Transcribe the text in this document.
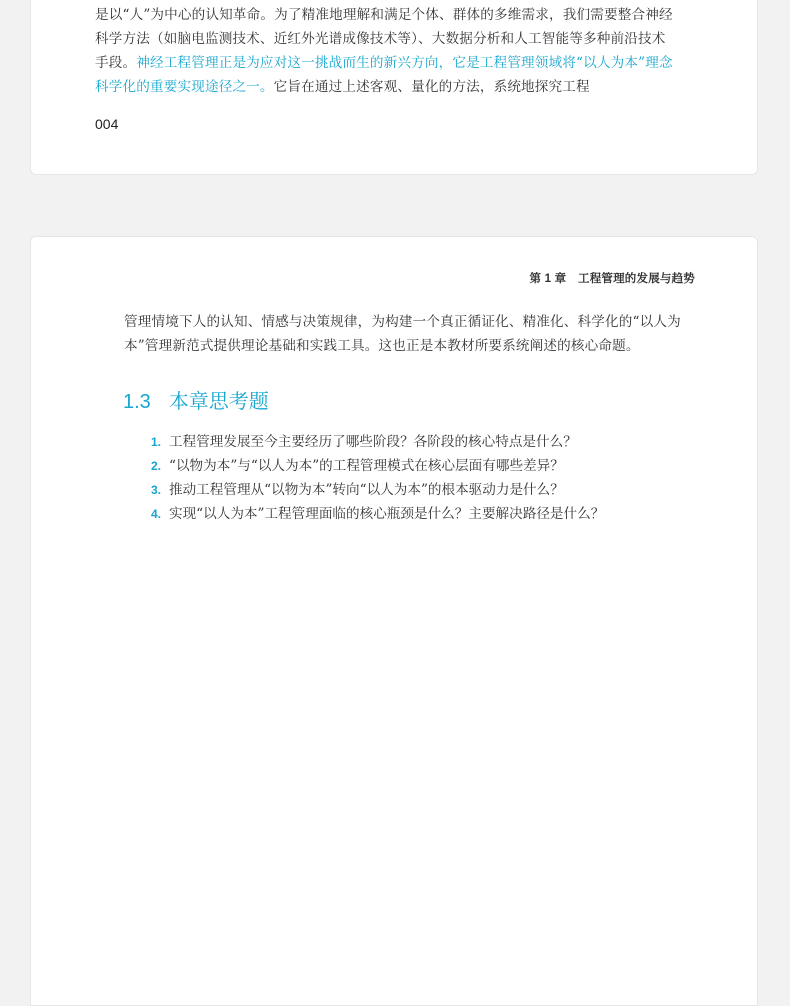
是以“人”为中心的认知革命。为了精准地理解和满足个体、群体的多维需求，我们需要整合神经科学方法（如脑电监测技术、近红外光谱成像技术等）、大数据分析和人工智能等多种前沿技术手段。神经工程管理正是为应对这一挑战而生的新兴方向，它是工程管理领域将“以人为本”理念科学化的重要实现途径之一。它旨在通过上述客观、量化的方法，系统地探究工程

004
第 1 章　工程管理的发展与趋势

管理情境下人的认知、情感与决策规律，为构建一个真正循证化、精准化、科学化的“以人为本”管理新范式提供理论基础和实践工具。这也正是本教材所要系统阐述的核心命题。

1.3 本章思考题
1. 工程管理发展至今主要经历了哪些阶段？各阶段的核心特点是什么？
2. “以物为本”与“以人为本”的工程管理模式在核心层面有哪些差异？
3. 推动工程管理从“以物为本”转向“以人为本”的根本驱动力是什么？
4. 实现“以人为本”工程管理面临的核心瓶颈是什么？主要解决路径是什么？
